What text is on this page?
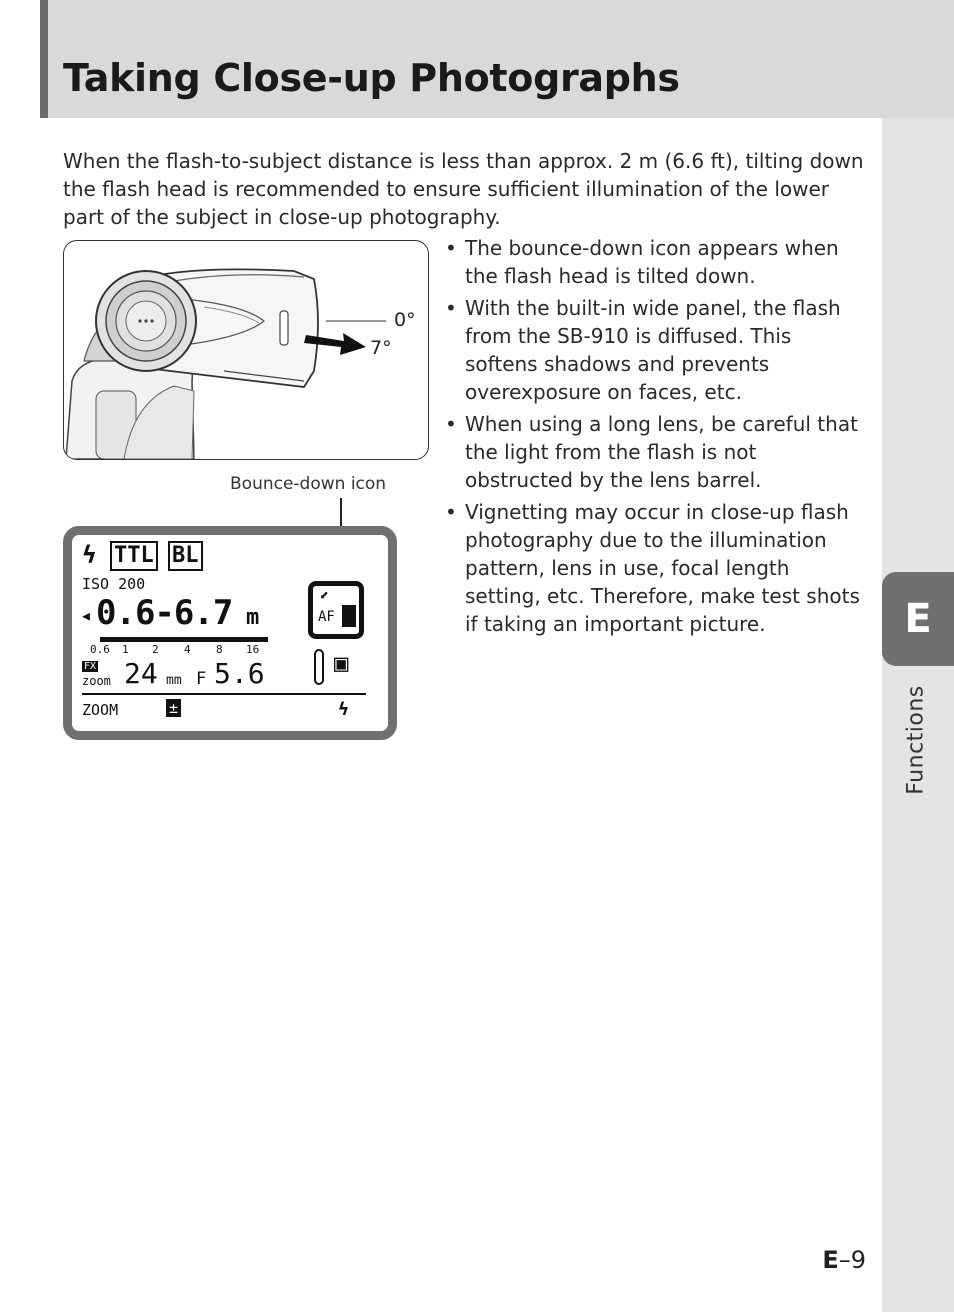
Taking Close-up Photographs
E
Functions

When the flash-to-subject distance is less than approx. 2 m (6.6 ft), tilting down the flash head is recommended to ensure sufficient illumination of the lower part of the subject in close-up photography.

0°
7°
Bounce-down icon
ϟ TTL BL
ISO 200
◂ 0.6-6.7 m
0.6 1 2 4 8 16
FX
zoom 24 mm F 5.6
⬋
AF
▣
ZOOM	±	ϟ
• The bounce-down icon appears when the flash head is tilted down.
• With the built-in wide panel, the flash from the SB-910 is diffused. This softens shadows and prevents overexposure on faces, etc.
• When using a long lens, be careful that the light from the flash is not obstructed by the lens barrel.
• Vignetting may occur in close-up flash photography due to the illumination pattern, lens in use, focal length setting, etc. Therefore, make test shots if taking an important picture.
E–9
